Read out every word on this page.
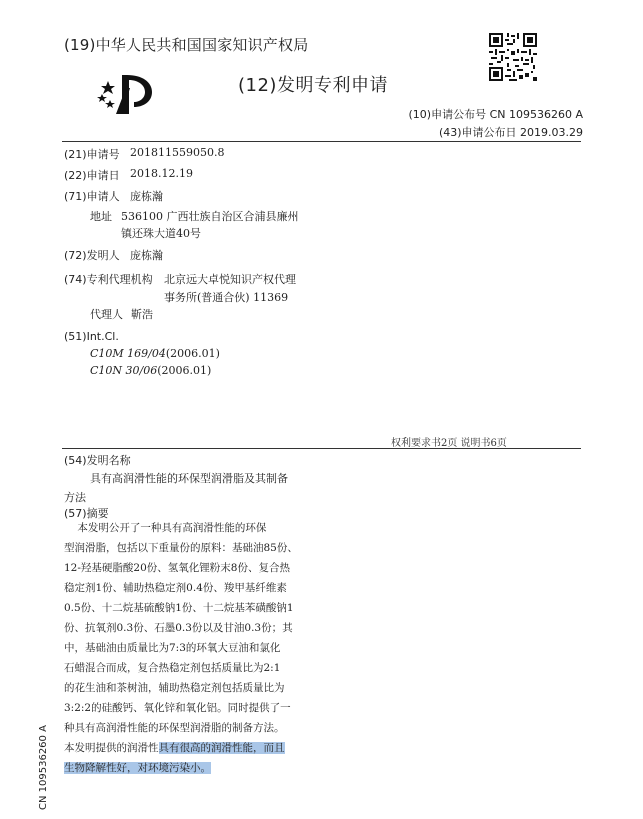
(19)中华人民共和国国家知识产权局
(12)发明专利申请
(10)申请公布号 CN 109536260 A
(43)申请公布日 2019.03.29
(21)申请号 201811559050.8
(22)申请日 2018.12.19
(71)申请人 庞栋瀚
地址 536100 广西壮族自治区合浦县廉州
镇还珠大道40号
(72)发明人 庞栋瀚
(74)专利代理机构 北京远大卓悦知识产权代理
事务所(普通合伙) 11369
代理人 靳浩
(51)Int.Cl.
C10M 169/04(2006.01)
C10N 30/06(2006.01)
权利要求书2页 说明书6页
(54)发明名称
具有高润滑性能的环保型润滑脂及其制备
方法
(57)摘要
本发明公开了一种具有高润滑性能的环保
型润滑脂，包括以下重量份的原料：基础油85份、
12-羟基硬脂酸20份、氢氧化锂粉末8份、复合热
稳定剂1份、辅助热稳定剂0.4份、羧甲基纤维素
0.5份、十二烷基硫酸钠1份、十二烷基苯磺酸钠1
份、抗氧剂0.3份、石墨0.3份以及甘油0.3份；其
中，基础油由质量比为7:3的环氧大豆油和氯化
石蜡混合而成，复合热稳定剂包括质量比为2:1
的花生油和茶树油，辅助热稳定剂包括质量比为
3:2:2的硅酸钙、氧化锌和氧化铝。同时提供了一
种具有高润滑性能的环保型润滑脂的制备方法。
本发明提供的润滑性具有很高的润滑性能，而且
生物降解性好，对环境污染小。
CN 109536260 A
